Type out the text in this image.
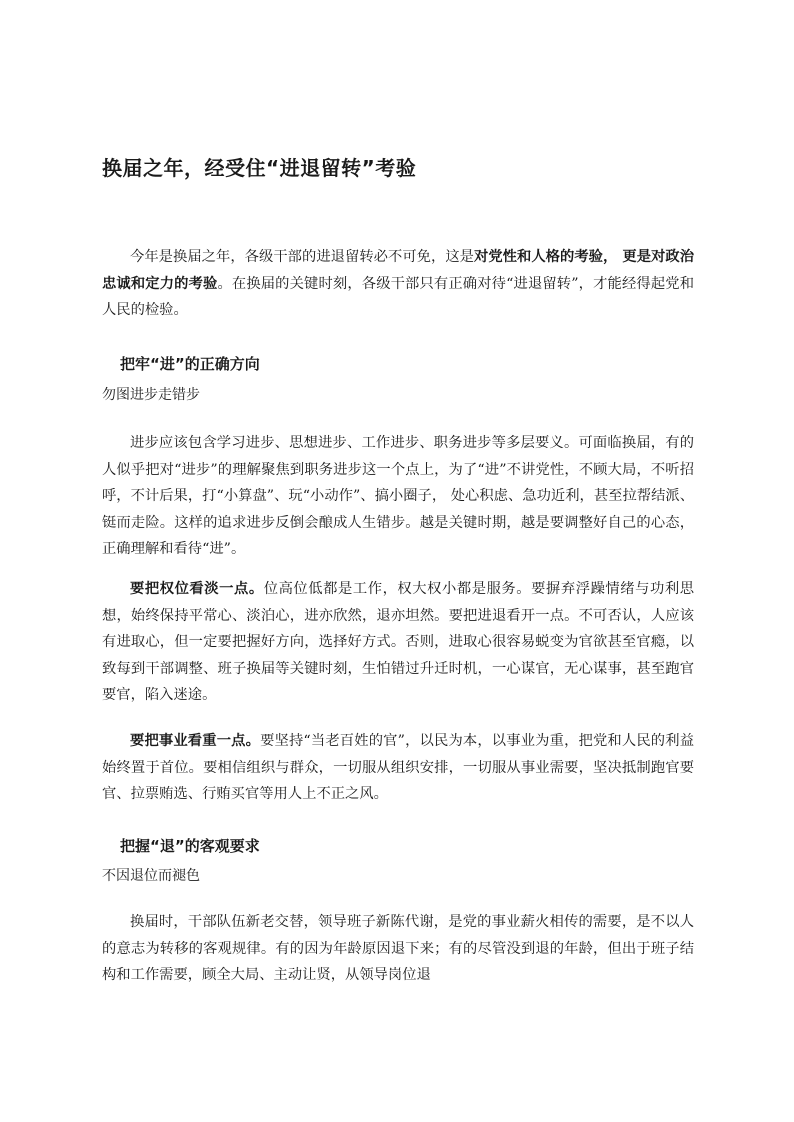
换届之年，经受住“进退留转”考验
今年是换届之年，各级干部的进退留转必不可免，这是对党性和人格的考验， 更是对政治忠诚和定力的考验。在换届的关键时刻，各级干部只有正确对待“进退留转”，才能经得起党和人民的检验。
把牢“进”的正确方向
勿图进步走错步
进步应该包含学习进步、思想进步、工作进步、职务进步等多层要义。可面临换届，有的人似乎把对“进步”的理解聚焦到职务进步这一个点上，为了“进”不讲党性，不顾大局，不听招呼，不计后果，打“小算盘”、玩“小动作”、搞小圈子， 处心积虑、急功近利，甚至拉帮结派、铤而走险。这样的追求进步反倒会酿成人生错步。越是关键时期，越是要调整好自己的心态，正确理解和看待“进”。
要把权位看淡一点。位高位低都是工作，权大权小都是服务。要摒弃浮躁情绪与功利思想，始终保持平常心、淡泊心，进亦欣然，退亦坦然。要把进退看开一点。不可否认，人应该有进取心，但一定要把握好方向，选择好方式。否则，进取心很容易蜕变为官欲甚至官瘾，以致每到干部调整、班子换届等关键时刻，生怕错过升迁时机，一心谋官，无心谋事，甚至跑官要官，陷入迷途。
要把事业看重一点。要坚持“当老百姓的官”，以民为本，以事业为重，把党和人民的利益始终置于首位。要相信组织与群众，一切服从组织安排，一切服从事业需要，坚决抵制跑官要官、拉票贿选、行贿买官等用人上不正之风。
把握“退”的客观要求
不因退位而褪色
换届时，干部队伍新老交替，领导班子新陈代谢，是党的事业薪火相传的需要，是不以人的意志为转移的客观规律。有的因为年龄原因退下来；有的尽管没到退的年龄，但出于班子结构和工作需要，顾全大局、主动让贤，从领导岗位退
